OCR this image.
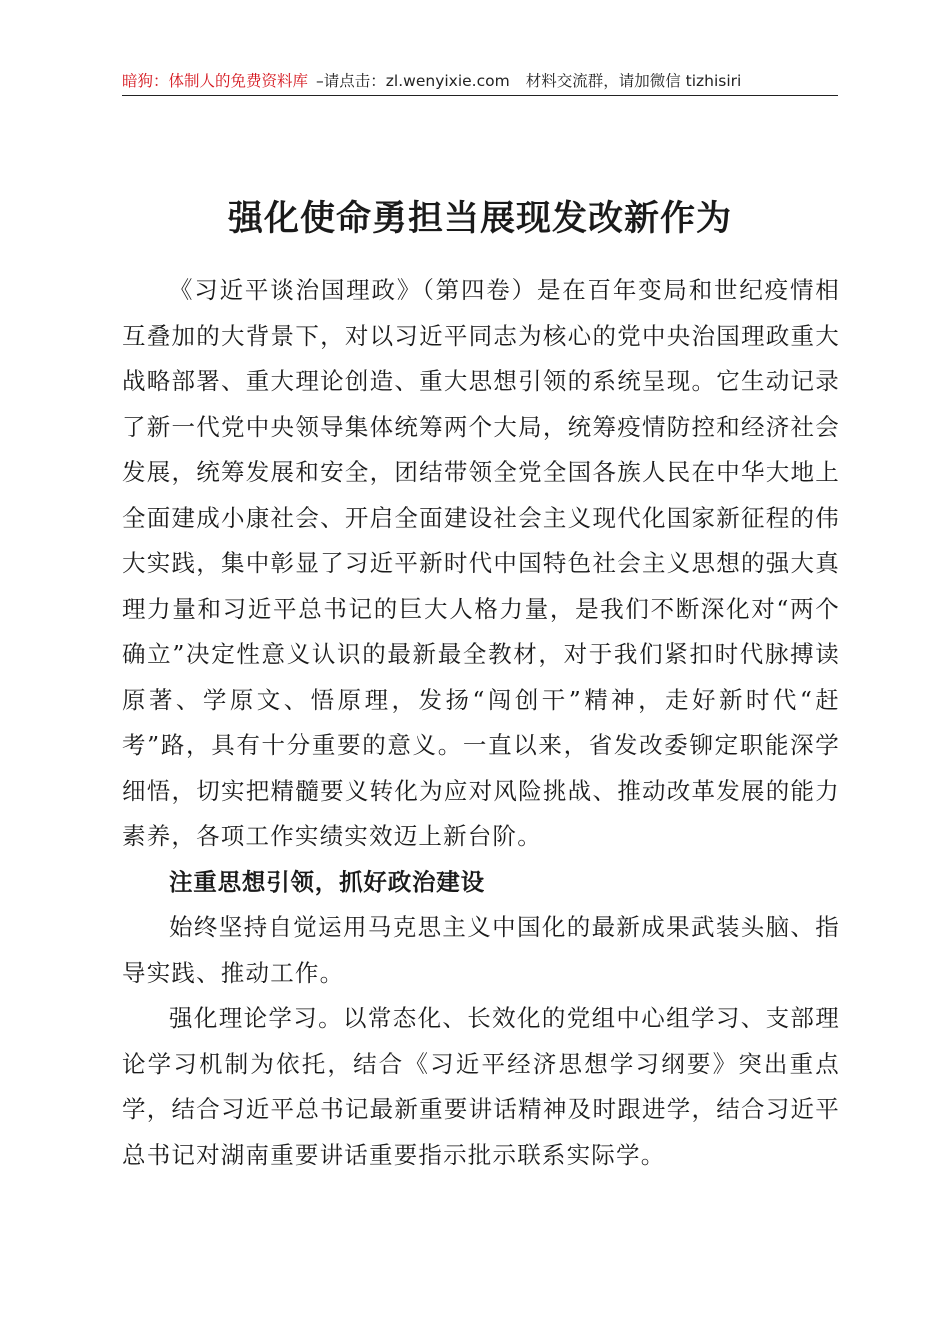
暗狗：体制人的免费资料库 –请点击：zl.wenyixie.com 材料交流群，请加微信 tizhisiri
强化使命勇担当展现发改新作为

《习近平谈治国理政》（第四卷）是在百年变局和世纪疫情相互叠加的大背景下，对以习近平同志为核心的党中央治国理政重大战略部署、重大理论创造、重大思想引领的系统呈现。它生动记录了新一代党中央领导集体统筹两个大局，统筹疫情防控和经济社会发展，统筹发展和安全，团结带领全党全国各族人民在中华大地上全面建成小康社会、开启全面建设社会主义现代化国家新征程的伟大实践，集中彰显了习近平新时代中国特色社会主义思想的强大真理力量和习近平总书记的巨大人格力量，是我们不断深化对“两个确立”决定性意义认识的最新最全教材，对于我们紧扣时代脉搏读原著、学原文、悟原理，发扬“闯创干”精神，走好新时代“赶考”路，具有十分重要的意义。一直以来，省发改委铆定职能深学细悟，切实把精髓要义转化为应对风险挑战、推动改革发展的能力素养，各项工作实绩实效迈上新台阶。

注重思想引领，抓好政治建设

始终坚持自觉运用马克思主义中国化的最新成果武装头脑、指导实践、推动工作。

强化理论学习。以常态化、长效化的党组中心组学习、支部理论学习机制为依托，结合《习近平经济思想学习纲要》突出重点学，结合习近平总书记最新重要讲话精神及时跟进学，结合习近平总书记对湖南重要讲话重要指示批示联系实际学。
